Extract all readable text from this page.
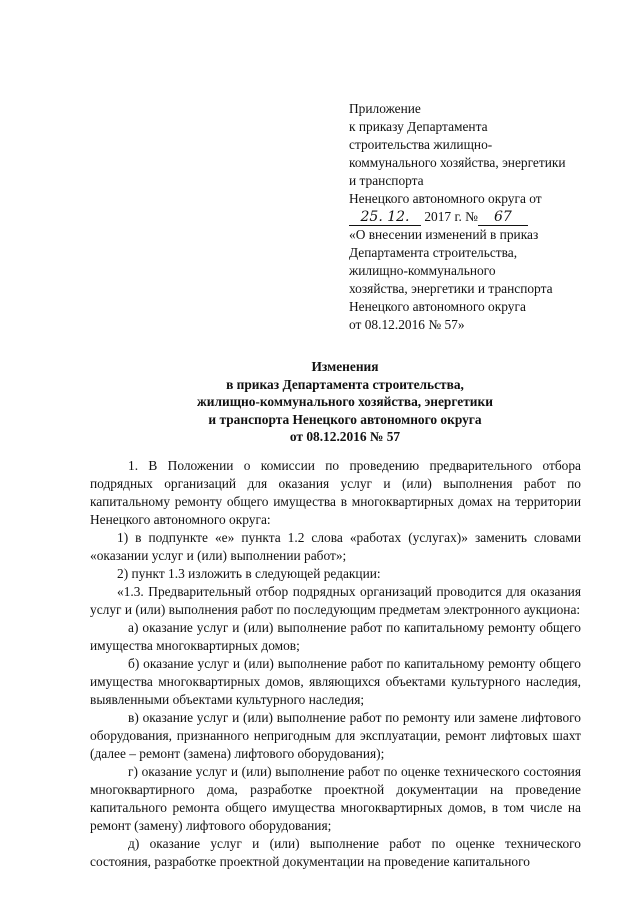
Приложение
к приказу Департамента
строительства жилищно-
коммунального хозяйства, энергетики
и транспорта
Ненецкого автономного округа от
25. 12. 2017 г. № 67
«О внесении изменений в приказ
Департамента строительства,
жилищно-коммунального
хозяйства, энергетики и транспорта
Ненецкого автономного округа
от 08.12.2016 № 57»
Изменения
в приказ Департамента строительства,
жилищно-коммунального хозяйства, энергетики
и транспорта Ненецкого автономного округа
от 08.12.2016 № 57

1. В Положении о комиссии по проведению предварительного отбора подрядных организаций для оказания услуг и (или) выполнения работ по капитальному ремонту общего имущества в многоквартирных домах на территории Ненецкого автономного округа:

1) в подпункте «е» пункта 1.2 слова «работах (услугах)» заменить словами «оказании услуг и (или) выполнении работ»;

2) пункт 1.3 изложить в следующей редакции:

«1.3. Предварительный отбор подрядных организаций проводится для оказания услуг и (или) выполнения работ по последующим предметам электронного аукциона:

а) оказание услуг и (или) выполнение работ по капитальному ремонту общего имущества многоквартирных домов;

б) оказание услуг и (или) выполнение работ по капитальному ремонту общего имущества многоквартирных домов, являющихся объектами культурного наследия, выявленными объектами культурного наследия;

в) оказание услуг и (или) выполнение работ по ремонту или замене лифтового оборудования, признанного непригодным для эксплуатации, ремонт лифтовых шахт (далее – ремонт (замена) лифтового оборудования);

г) оказание услуг и (или) выполнение работ по оценке технического состояния многоквартирного дома, разработке проектной документации на проведение капитального ремонта общего имущества многоквартирных домов, в том числе на ремонт (замену) лифтового оборудования;

д) оказание услуг и (или) выполнение работ по оценке технического состояния, разработке проектной документации на проведение капитального
